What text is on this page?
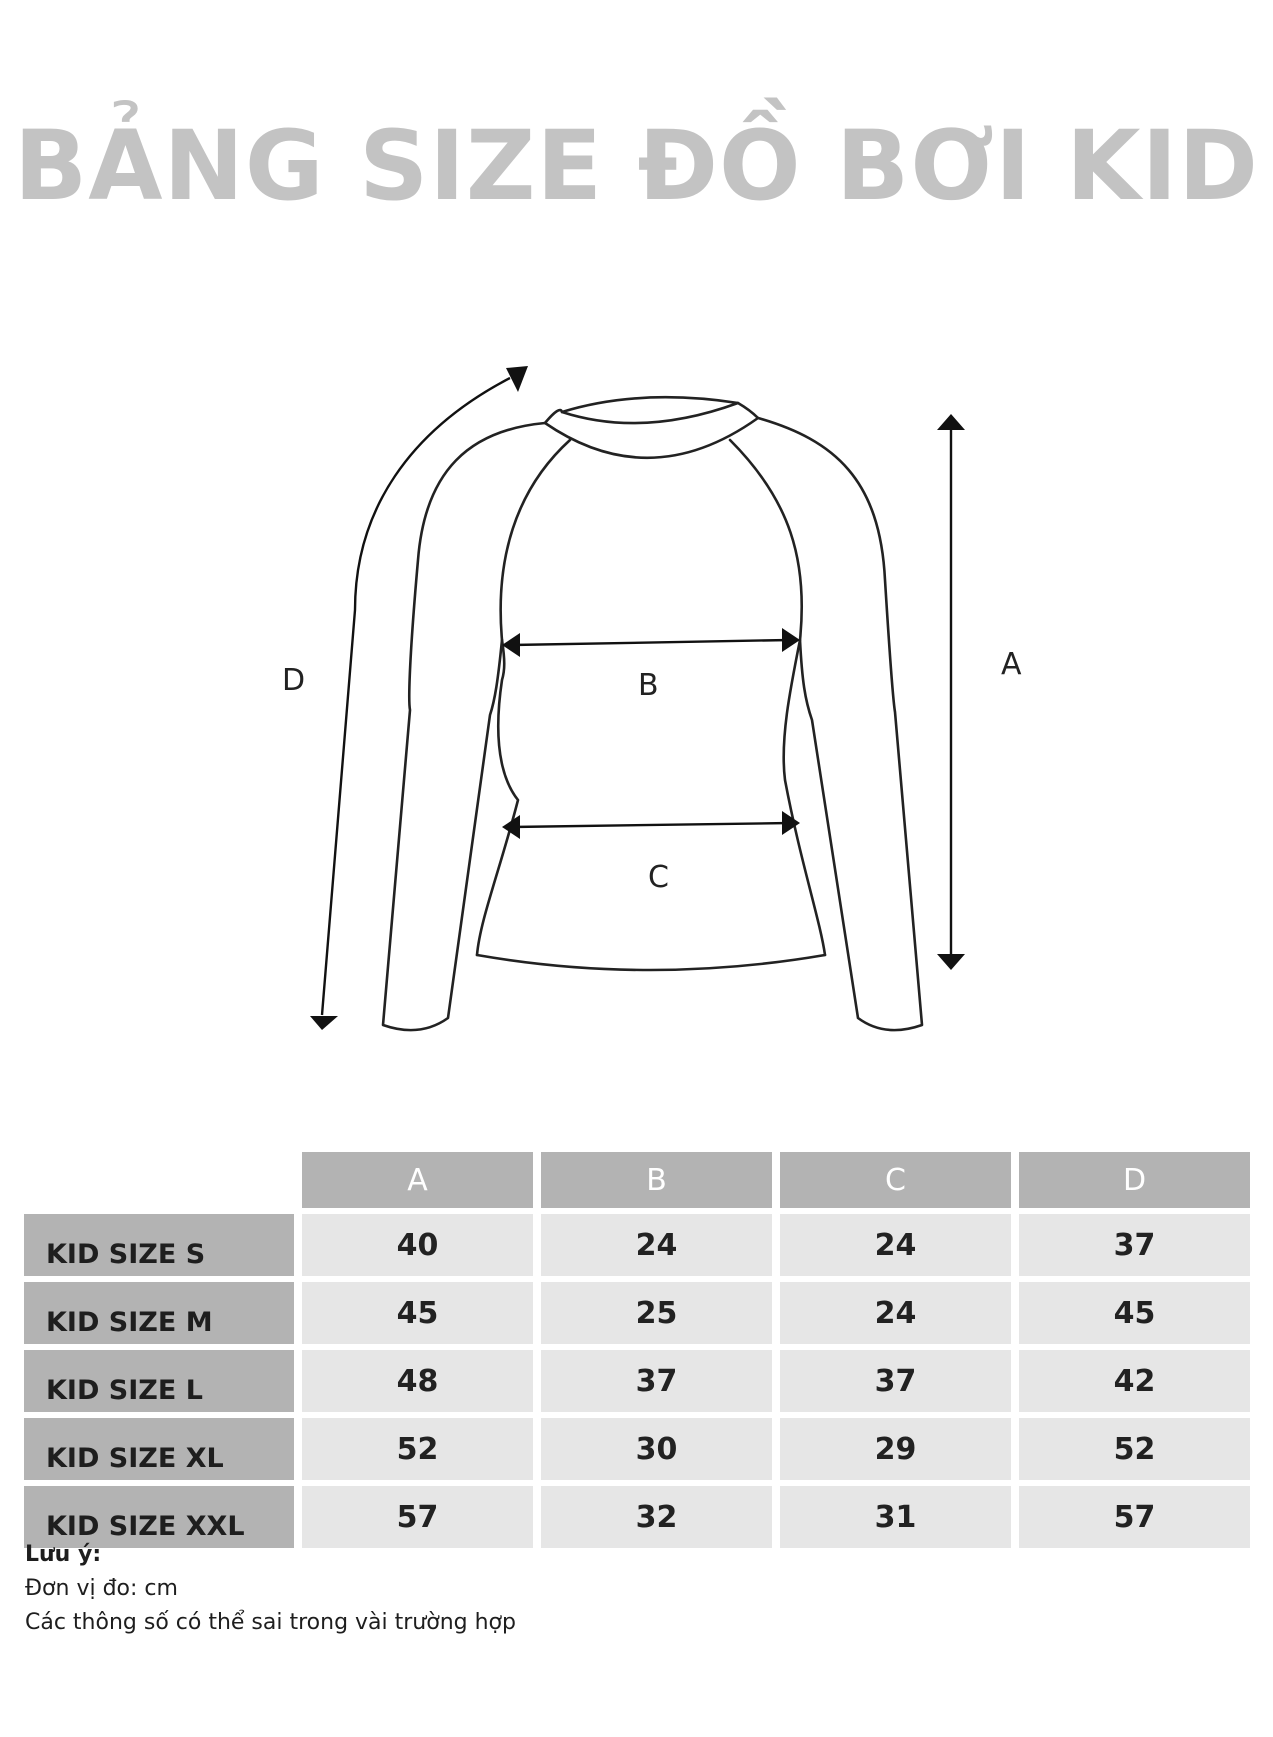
BẢNG SIZE ĐỒ BƠI KID
D	A
B
C
	A	B	C	D
KID SIZE S	40	24	24	37
KID SIZE M	45	25	24	45
KID SIZE L	48	37	37	42
KID SIZE XL	52	30	29	52
KID SIZE XXL	57	32	31	57
Lưu ý:
Đơn vị đo: cm
Các thông số có thể sai trong vài trường hợp
